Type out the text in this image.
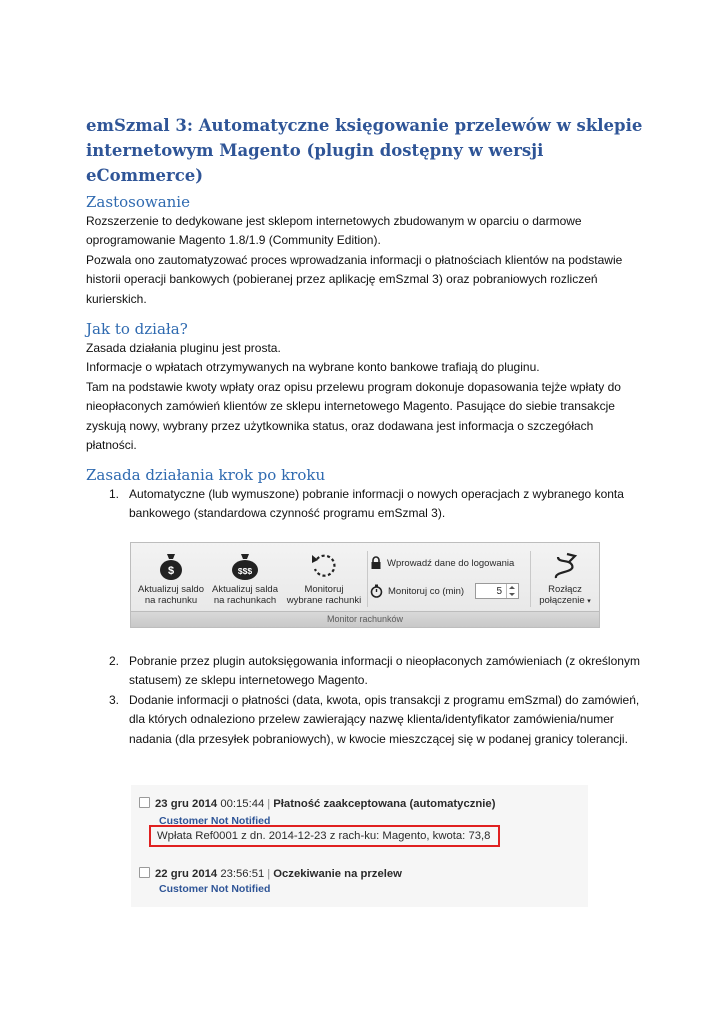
emSzmal 3: Automatyczne księgowanie przelewów w sklepie internetowym Magento (plugin dostępny w wersji eCommerce)
Zastosowanie

Rozszerzenie to dedykowane jest sklepom internetowych zbudowanym w oparciu o darmowe oprogramowanie Magento 1.8/1.9 (Community Edition).

Pozwala ono zautomatyzować proces wprowadzania informacji o płatnościach klientów na podstawie historii operacji bankowych (pobieranej przez aplikację emSzmal 3) oraz pobraniowych rozliczeń kurierskich.

Jak to działa?

Zasada działania pluginu jest prosta.

Informacje o wpłatach otrzymywanych na wybrane konto bankowe trafiają do pluginu.

Tam na podstawie kwoty wpłaty oraz opisu przelewu program dokonuje dopasowania tejże wpłaty do nieopłaconych zamówień klientów ze sklepu internetowego Magento. Pasujące do siebie transakcje zyskują nowy, wybrany przez użytkownika status, oraz dodawana jest informacja o szczegółach płatności.

Zasada działania krok po kroku
1. Automatyczne (lub wymuszone) pobranie informacji o nowych operacjach z wybranego konta bankowego (standardowa czynność programu emSzmal 3).
$
Aktualizuj saldo
na rachunku
$$$
Aktualizuj salda
na rachunkach
Monitoruj
wybrane rachunki
Wprowadź dane do logowania
Monitoruj co (min)	5	Rozłącz
połączenie ▾
Monitor rachunków
2. Pobranie przez plugin autoksięgowania informacji o nieopłaconych zamówieniach (z określonym statusem) ze sklepu internetowego Magento.
3. Dodanie informacji o płatności (data, kwota, opis transakcji z programu emSzmal) do zamówień, dla których odnaleziono przelew zawierający nazwę klienta/identyfikator zamówienia/numer nadania (dla przesyłek pobraniowych), w kwocie mieszczącej się w podanej granicy tolerancji.
23 gru 2014 00:15:44 | Płatność zaakceptowana (automatycznie)
Customer Not Notified
Wpłata Ref0001 z dn. 2014-12-23 z rach-ku: Magento, kwota: 73,8
22 gru 2014 23:56:51 | Oczekiwanie na przelew
Customer Not Notified
